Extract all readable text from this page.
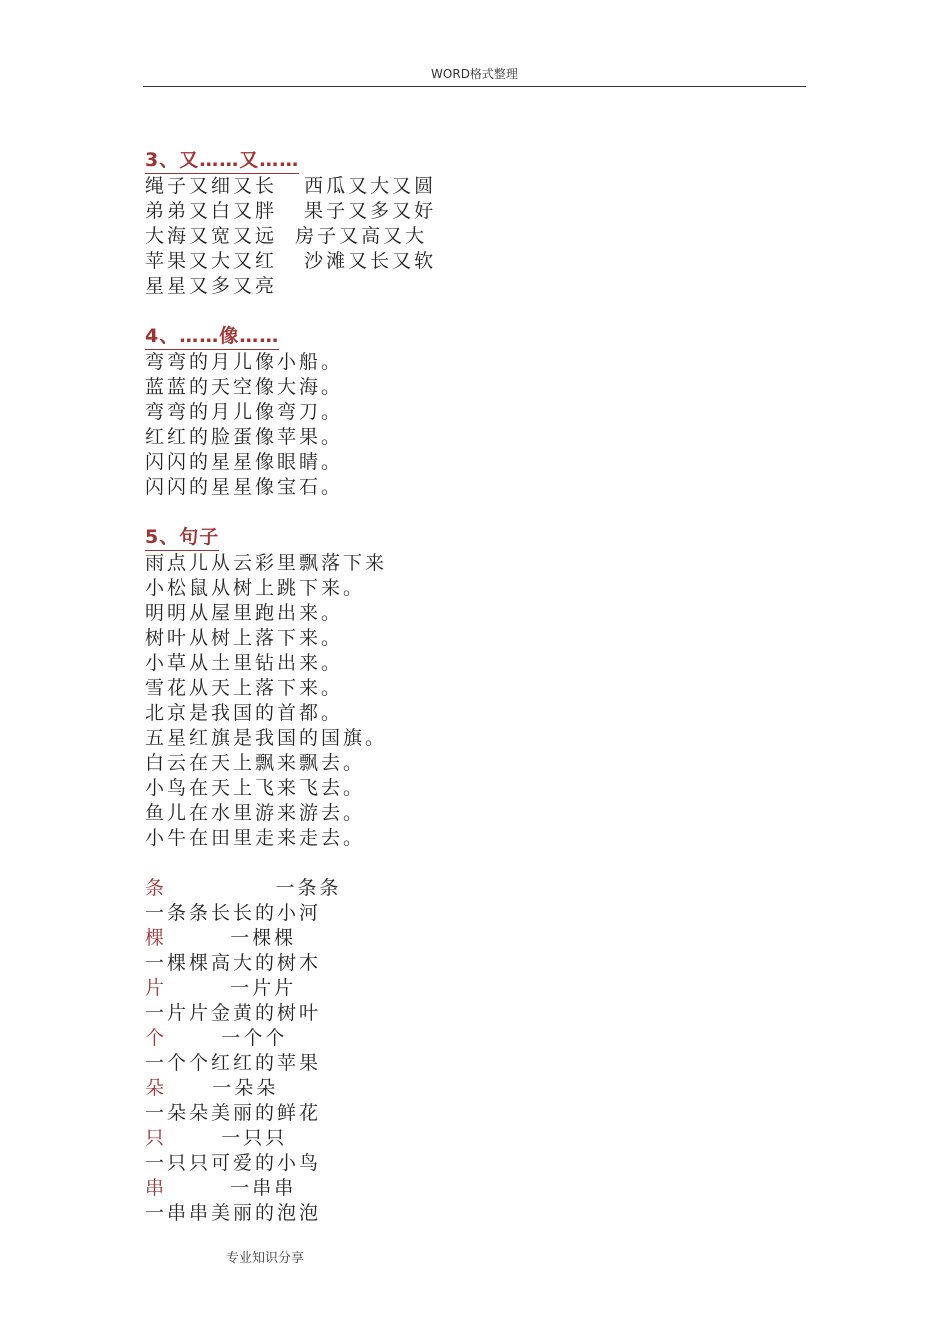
WORD格式整理
3、又……又……
绳子又细又长   西瓜又大又圆
弟弟又白又胖   果子又多又好
大海又宽又远  房子又高又大
苹果又大又红   沙滩又长又软
星星又多又亮
4、……像……
弯弯的月儿像小船。
蓝蓝的天空像大海。
弯弯的月儿像弯刀。
红红的脸蛋像苹果。
闪闪的星星像眼睛。
闪闪的星星像宝石。
5、句子
雨点儿从云彩里飘落下来
小松鼠从树上跳下来。
明明从屋里跑出来。
树叶从树上落下来。
小草从土里钻出来。
雪花从天上落下来。
北京是我国的首都。
五星红旗是我国的国旗。
白云在天上飘来飘去。
小鸟在天上飞来飞去。
鱼儿在水里游来游去。
小牛在田里走来走去。
条
	一条条
一条条长长的小河
棵
	一棵棵
一棵棵高大的树木
片
	一片片
一片片金黄的树叶
个
	一个个
一个个红红的苹果
朵
一朵朵
一朵朵美丽的鲜花
只
	一只只
一只只可爱的小鸟
串
	一串串
一串串美丽的泡泡
专业知识分享
